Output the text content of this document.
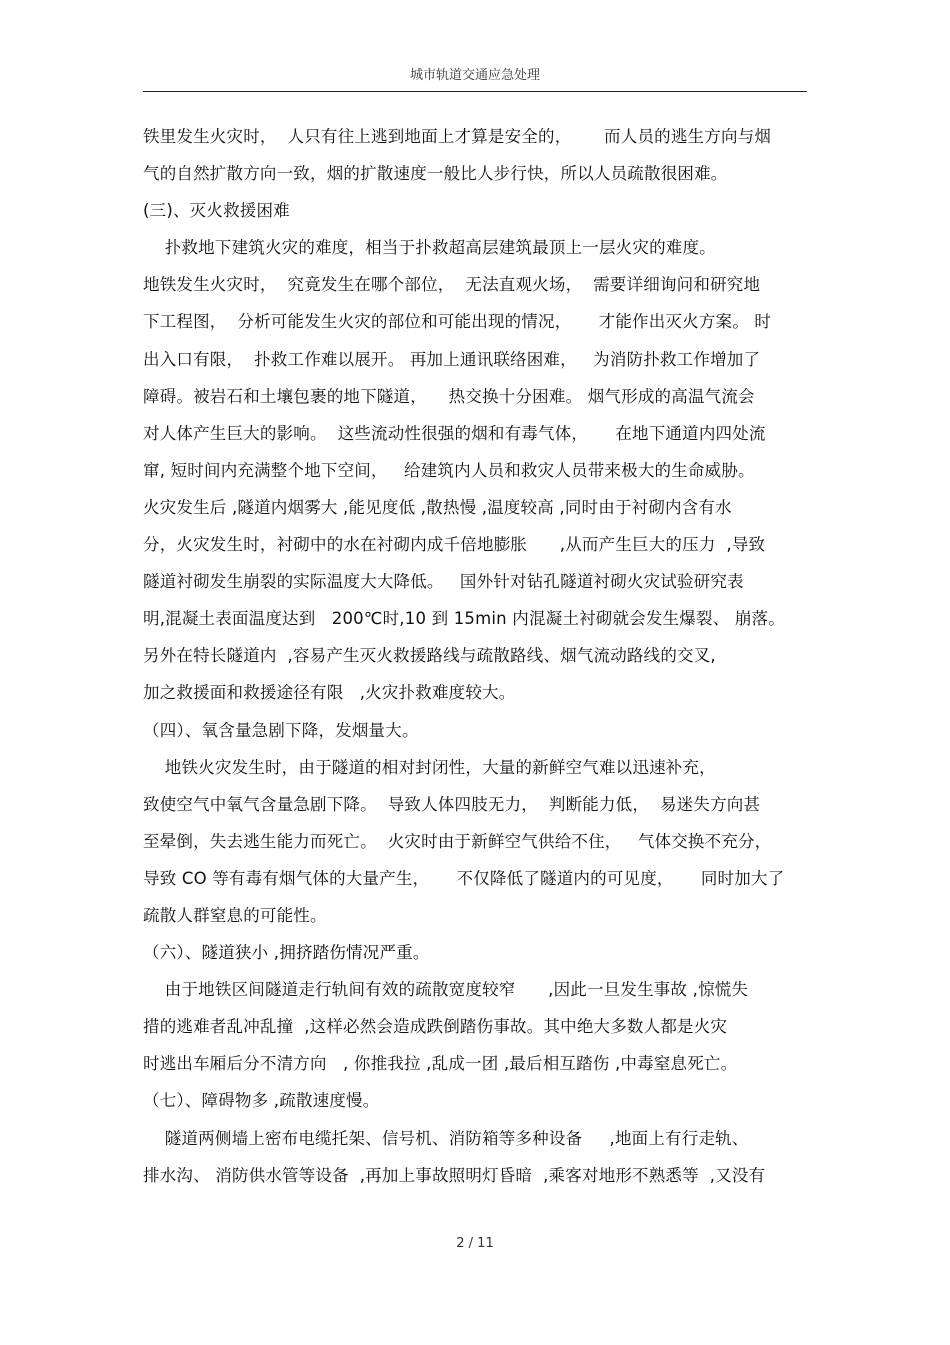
城市轨道交通应急处理
铁里发生火灾时，  人只有往上逃到地面上才算是安全的，      而人员的逃生方向与烟
气的自然扩散方向一致，烟的扩散速度一般比人步行快，所以人员疏散很困难。
(三)、灭火救援困难
扑救地下建筑火灾的难度，相当于扑救超高层建筑最顶上一层火灾的难度。
地铁发生火灾时，  究竟发生在哪个部位，  无法直观火场，  需要详细询问和研究地
下工程图，  分析可能发生火灾的部位和可能出现的情况，     才能作出灭火方案。 时
出入口有限，  扑救工作难以展开。 再加上通讯联络困难，   为消防扑救工作增加了
障碍。被岩石和土壤包裹的地下隧道，    热交换十分困难。 烟气形成的高温气流会
对人体产生巨大的影响。  这些流动性很强的烟和有毒气体，     在地下通道内四处流
窜, 短时间内充满整个地下空间，   给建筑内人员和救灾人员带来极大的生命威胁。
火灾发生后 ,隧道内烟雾大 ,能见度低 ,散热慢 ,温度较高 ,同时由于衬砌内含有水
分，火灾发生时，衬砌中的水在衬砌内成千倍地膨胀      ,从而产生巨大的压力  ,导致
隧道衬砌发生崩裂的实际温度大大降低。   国外针对钻孔隧道衬砌火灾试验研究表
明,混凝土表面温度达到   200℃时,10 到 15min 内混凝土衬砌就会发生爆裂、 崩落。
另外在特长隧道内  ,容易产生灭火救援路线与疏散路线、烟气流动路线的交叉,
加之救援面和救援途径有限   ,火灾扑救难度较大。
（四）、氧含量急剧下降，发烟量大。
地铁火灾发生时，由于隧道的相对封闭性，大量的新鲜空气难以迅速补充，
致使空气中氧气含量急剧下降。  导致人体四肢无力，  判断能力低，  易迷失方向甚
至晕倒，失去逃生能力而死亡。  火灾时由于新鲜空气供给不住，   气体交换不充分，
导致 CO 等有毒有烟气体的大量产生，     不仅降低了隧道内的可见度，     同时加大了
疏散人群窒息的可能性。
（六）、隧道狭小 ,拥挤踏伤情况严重。
由于地铁区间隧道走行轨间有效的疏散宽度较窄      ,因此一旦发生事故 ,惊慌失
措的逃难者乱冲乱撞  ,这样必然会造成跌倒踏伤事故。其中绝大多数人都是火灾
时逃出车厢后分不清方向   , 你推我拉 ,乱成一团 ,最后相互踏伤 ,中毒窒息死亡。
（七）、障碍物多 ,疏散速度慢。
隧道两侧墙上密布电缆托架、信号机、消防箱等多种设备     ,地面上有行走轨、
排水沟、 消防供水管等设备  ,再加上事故照明灯昏暗  ,乘客对地形不熟悉等  ,又没有
2 / 11
